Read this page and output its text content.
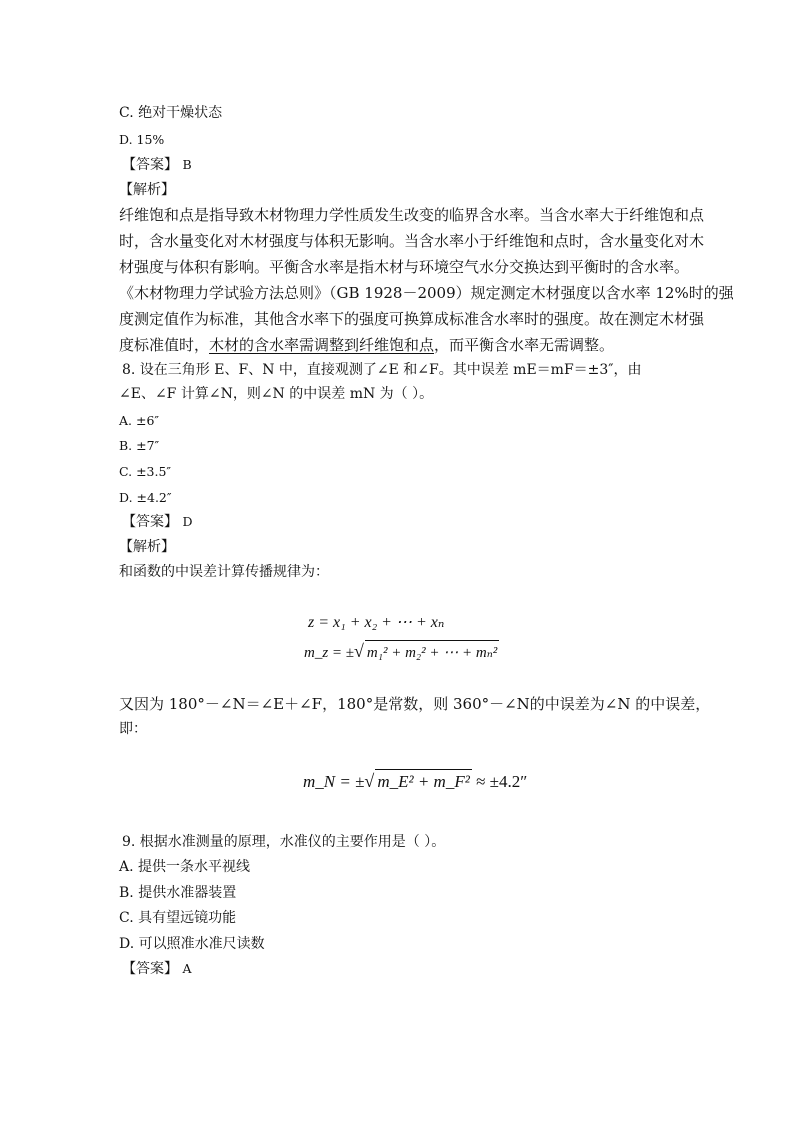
C. 绝对干燥状态
D. 15%
【答案】 B
【解析】
纤维饱和点是指导致木材物理力学性质发生改变的临界含水率。当含水率大于纤维饱和点
时，含水量变化对木材强度与体积无影响。当含水率小于纤维饱和点时，含水量变化对木
材强度与体积有影响。平衡含水率是指木材与环境空气水分交换达到平衡时的含水率。
《木材物理力学试验方法总则》（GB 1928－2009）规定测定木材强度以含水率 12%时的强
度测定值作为标准，其他含水率下的强度可换算成标准含水率时的强度。故在测定木材强
度标准值时，木材的含水率需调整到纤维饱和点，而平衡含水率无需调整。
8. 设在三角形 E、F、N 中，直接观测了∠E 和∠F。其中误差 mE＝mF＝±3″，由
∠E、∠F 计算∠N，则∠N 的中误差 mN 为（ ）。
A. ±6″
B. ±7″
C. ±3.5″
D. ±4.2″
【答案】 D
【解析】
和函数的中误差计算传播规律为：
z = x₁ + x₂ + ⋯ + xₙ
m_z = ±√ m₁² + m₂² + ⋯ + mₙ²
又因为 180°－∠N＝∠E＋∠F，180°是常数，则 360°－∠N的中误差为∠N 的中误差，
即：
m_N = ±√ m_E² + m_F² ≈ ±4.2″
9. 根据水准测量的原理，水准仪的主要作用是（ ）。
A. 提供一条水平视线
B. 提供水准器装置
C. 具有望远镜功能
D. 可以照准水准尺读数
【答案】 A
